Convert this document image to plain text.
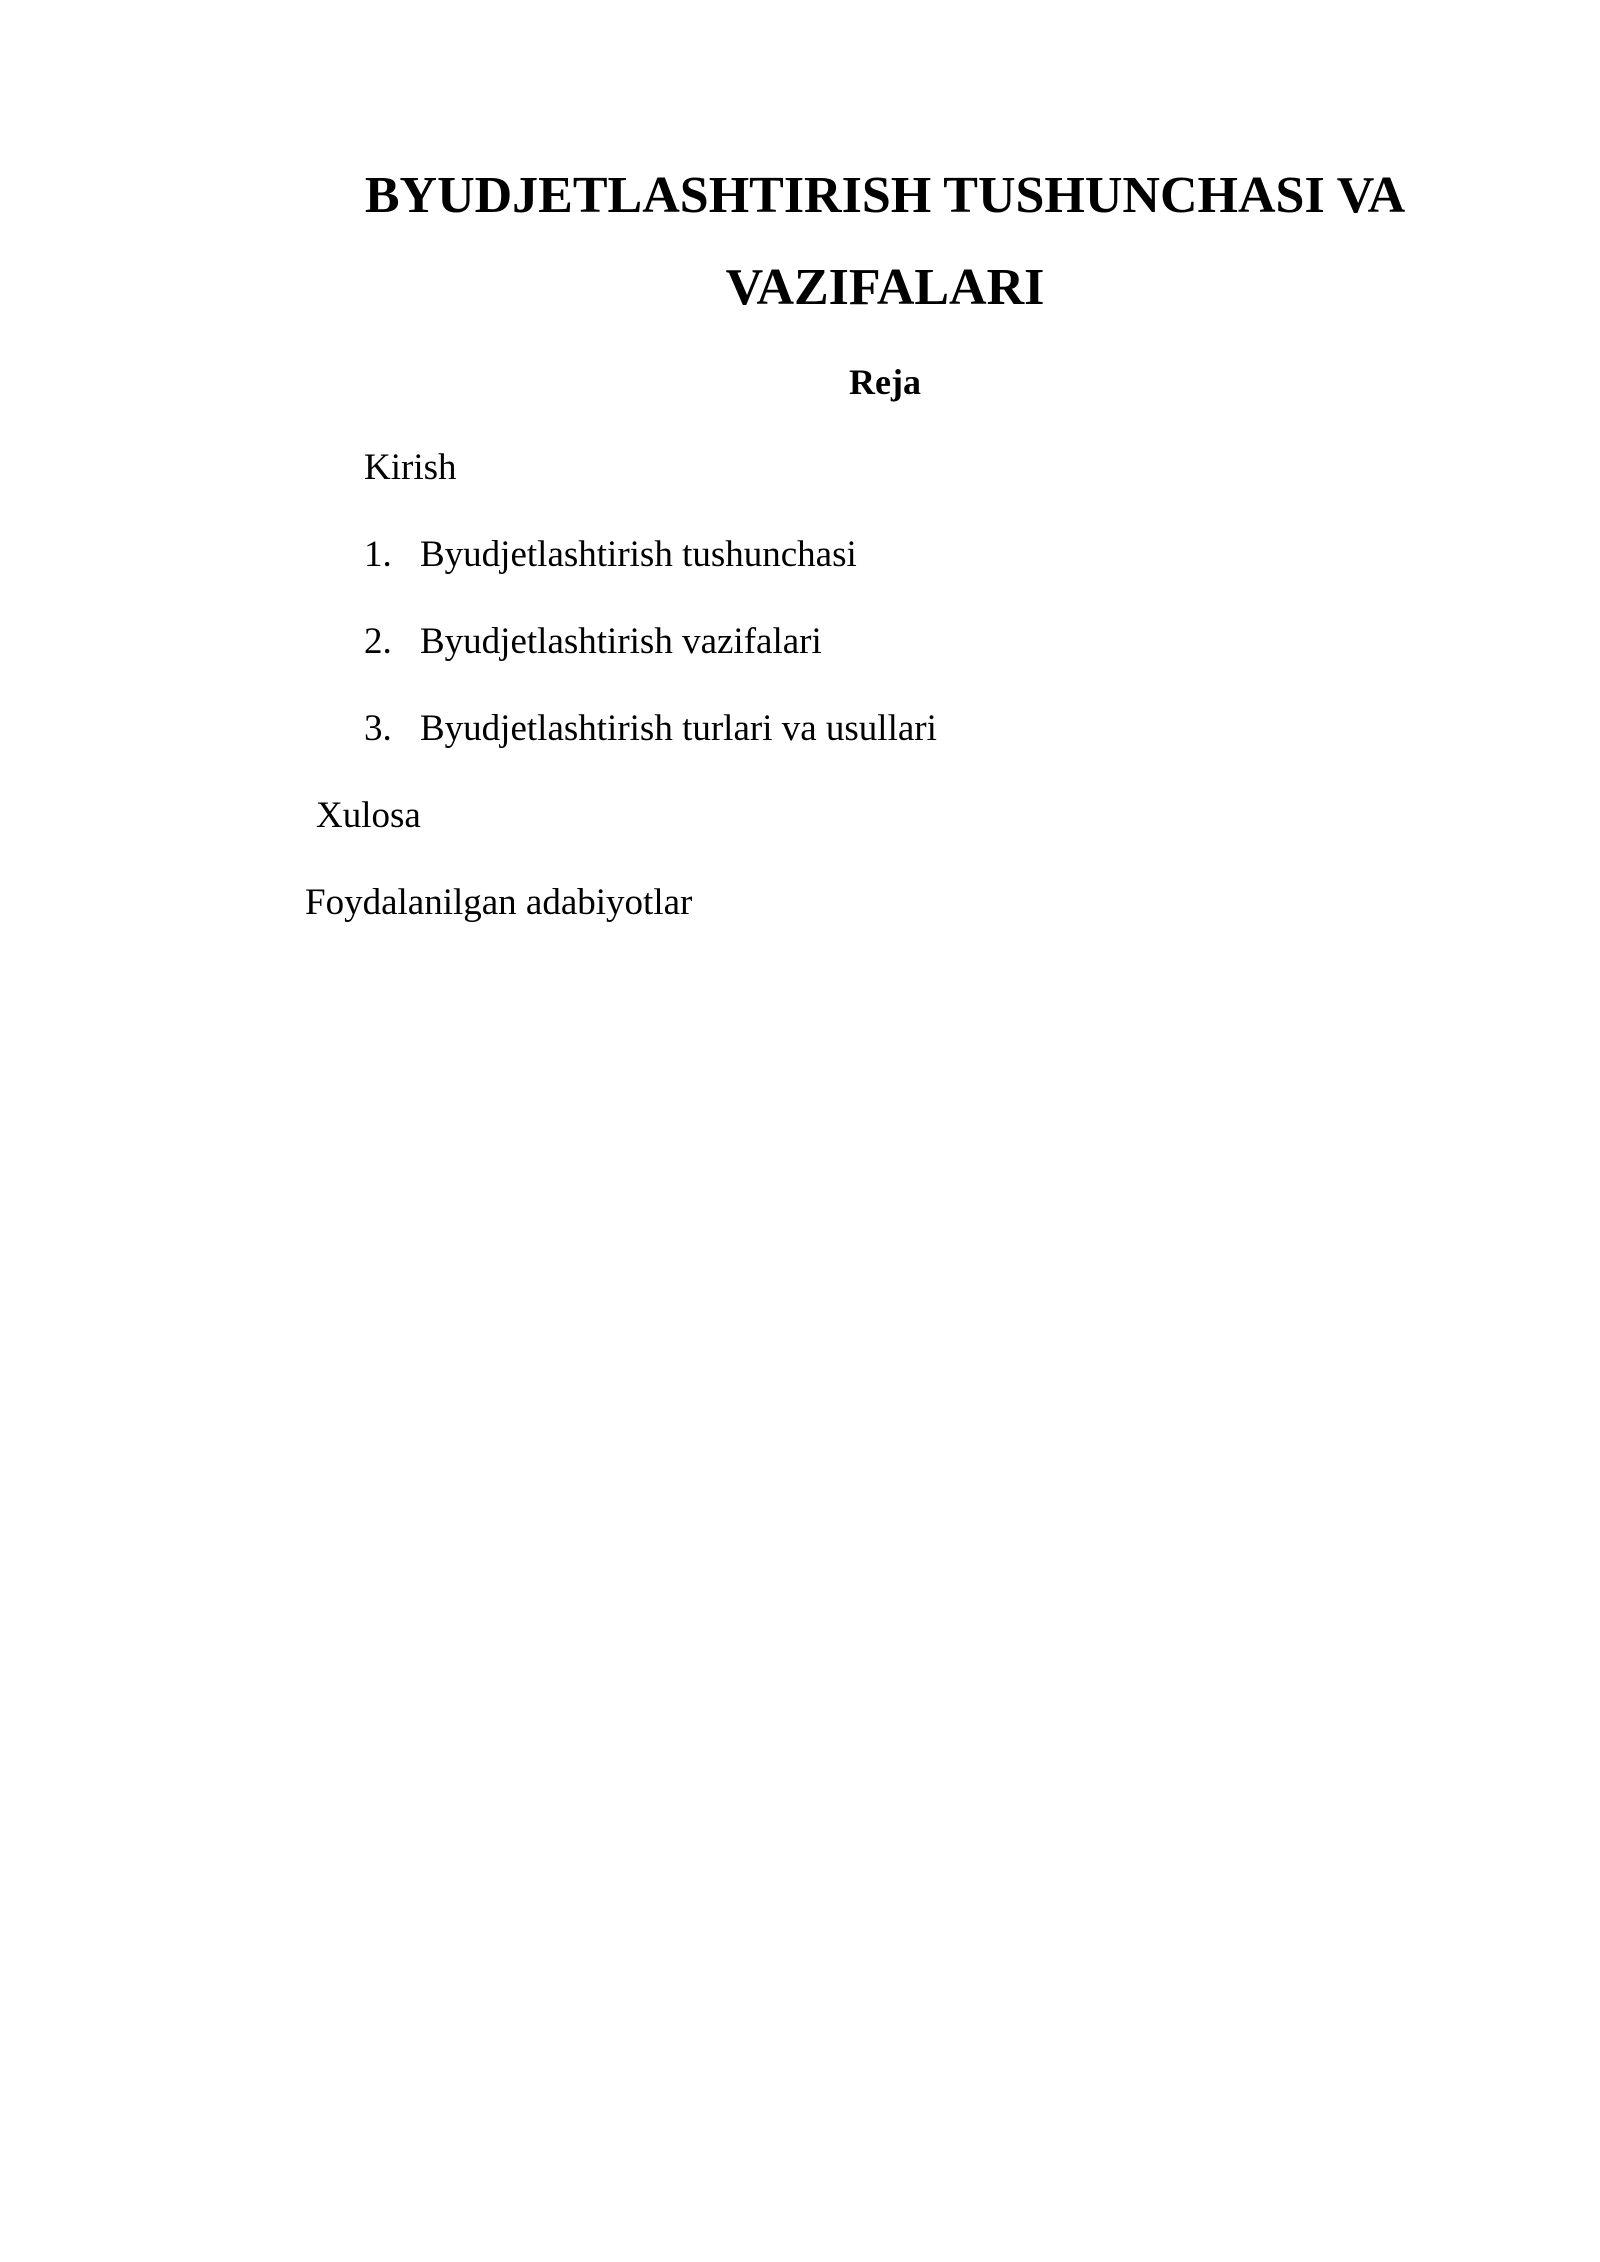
BYUDJETLASHTIRISH TUSHUNCHASI VA

VAZIFALARI

Reja

Kirish

1. Byudjetlashtirish tushunchasi

2. Byudjetlashtirish vazifalari

3. Byudjetlashtirish turlari va usullari

Xulosa

Foydalanilgan adabiyotlar
